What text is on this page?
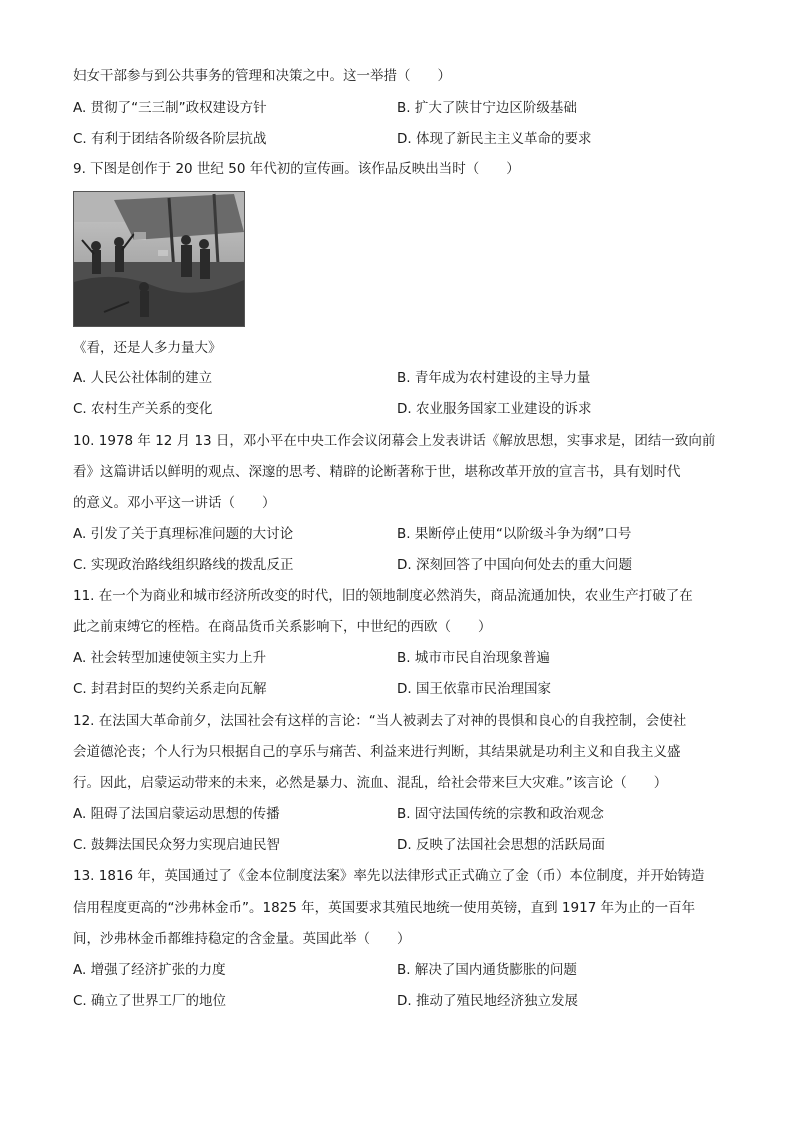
妇女干部参与到公共事务的管理和决策之中。这一举措（　　）
A. 贯彻了“三三制”政权建设方针	B. 扩大了陕甘宁边区阶级基础
C. 有利于团结各阶级各阶层抗战	D. 体现了新民主主义革命的要求
9. 下图是创作于 20 世纪 50 年代初的宣传画。该作品反映出当时（　　）
《看，还是人多力量大》
A. 人民公社体制的建立	B. 青年成为农村建设的主导力量
C. 农村生产关系的变化	D. 农业服务国家工业建设的诉求
10. 1978 年 12 月 13 日，邓小平在中央工作会议闭幕会上发表讲话《解放思想，实事求是，团结一致向前
看》这篇讲话以鲜明的观点、深邃的思考、精辟的论断著称于世，堪称改革开放的宣言书，具有划时代
的意义。邓小平这一讲话（　　）
A. 引发了关于真理标准问题的大讨论	B. 果断停止使用“以阶级斗争为纲”口号
C. 实现政治路线组织路线的拨乱反正	D. 深刻回答了中国向何处去的重大问题
11. 在一个为商业和城市经济所改变的时代，旧的领地制度必然消失，商品流通加快，农业生产打破了在
此之前束缚它的桎梏。在商品货币关系影响下，中世纪的西欧（　　）
A. 社会转型加速使领主实力上升	B. 城市市民自治现象普遍
C. 封君封臣的契约关系走向瓦解	D. 国王依靠市民治理国家
12. 在法国大革命前夕，法国社会有这样的言论：“当人被剥去了对神的畏惧和良心的自我控制，会使社
会道德沦丧；个人行为只根据自己的享乐与痛苦、利益来进行判断，其结果就是功利主义和自我主义盛
行。因此，启蒙运动带来的未来，必然是暴力、流血、混乱，给社会带来巨大灾难。”该言论（　　）
A. 阻碍了法国启蒙运动思想的传播	B. 固守法国传统的宗教和政治观念
C. 鼓舞法国民众努力实现启迪民智	D. 反映了法国社会思想的活跃局面
13. 1816 年，英国通过了《金本位制度法案》率先以法律形式正式确立了金（币）本位制度，并开始铸造
信用程度更高的“沙弗林金币”。1825 年，英国要求其殖民地统一使用英镑，直到 1917 年为止的一百年
间，沙弗林金币都维持稳定的含金量。英国此举（　　）
A. 增强了经济扩张的力度	B. 解决了国内通货膨胀的问题
C. 确立了世界工厂的地位	D. 推动了殖民地经济独立发展
